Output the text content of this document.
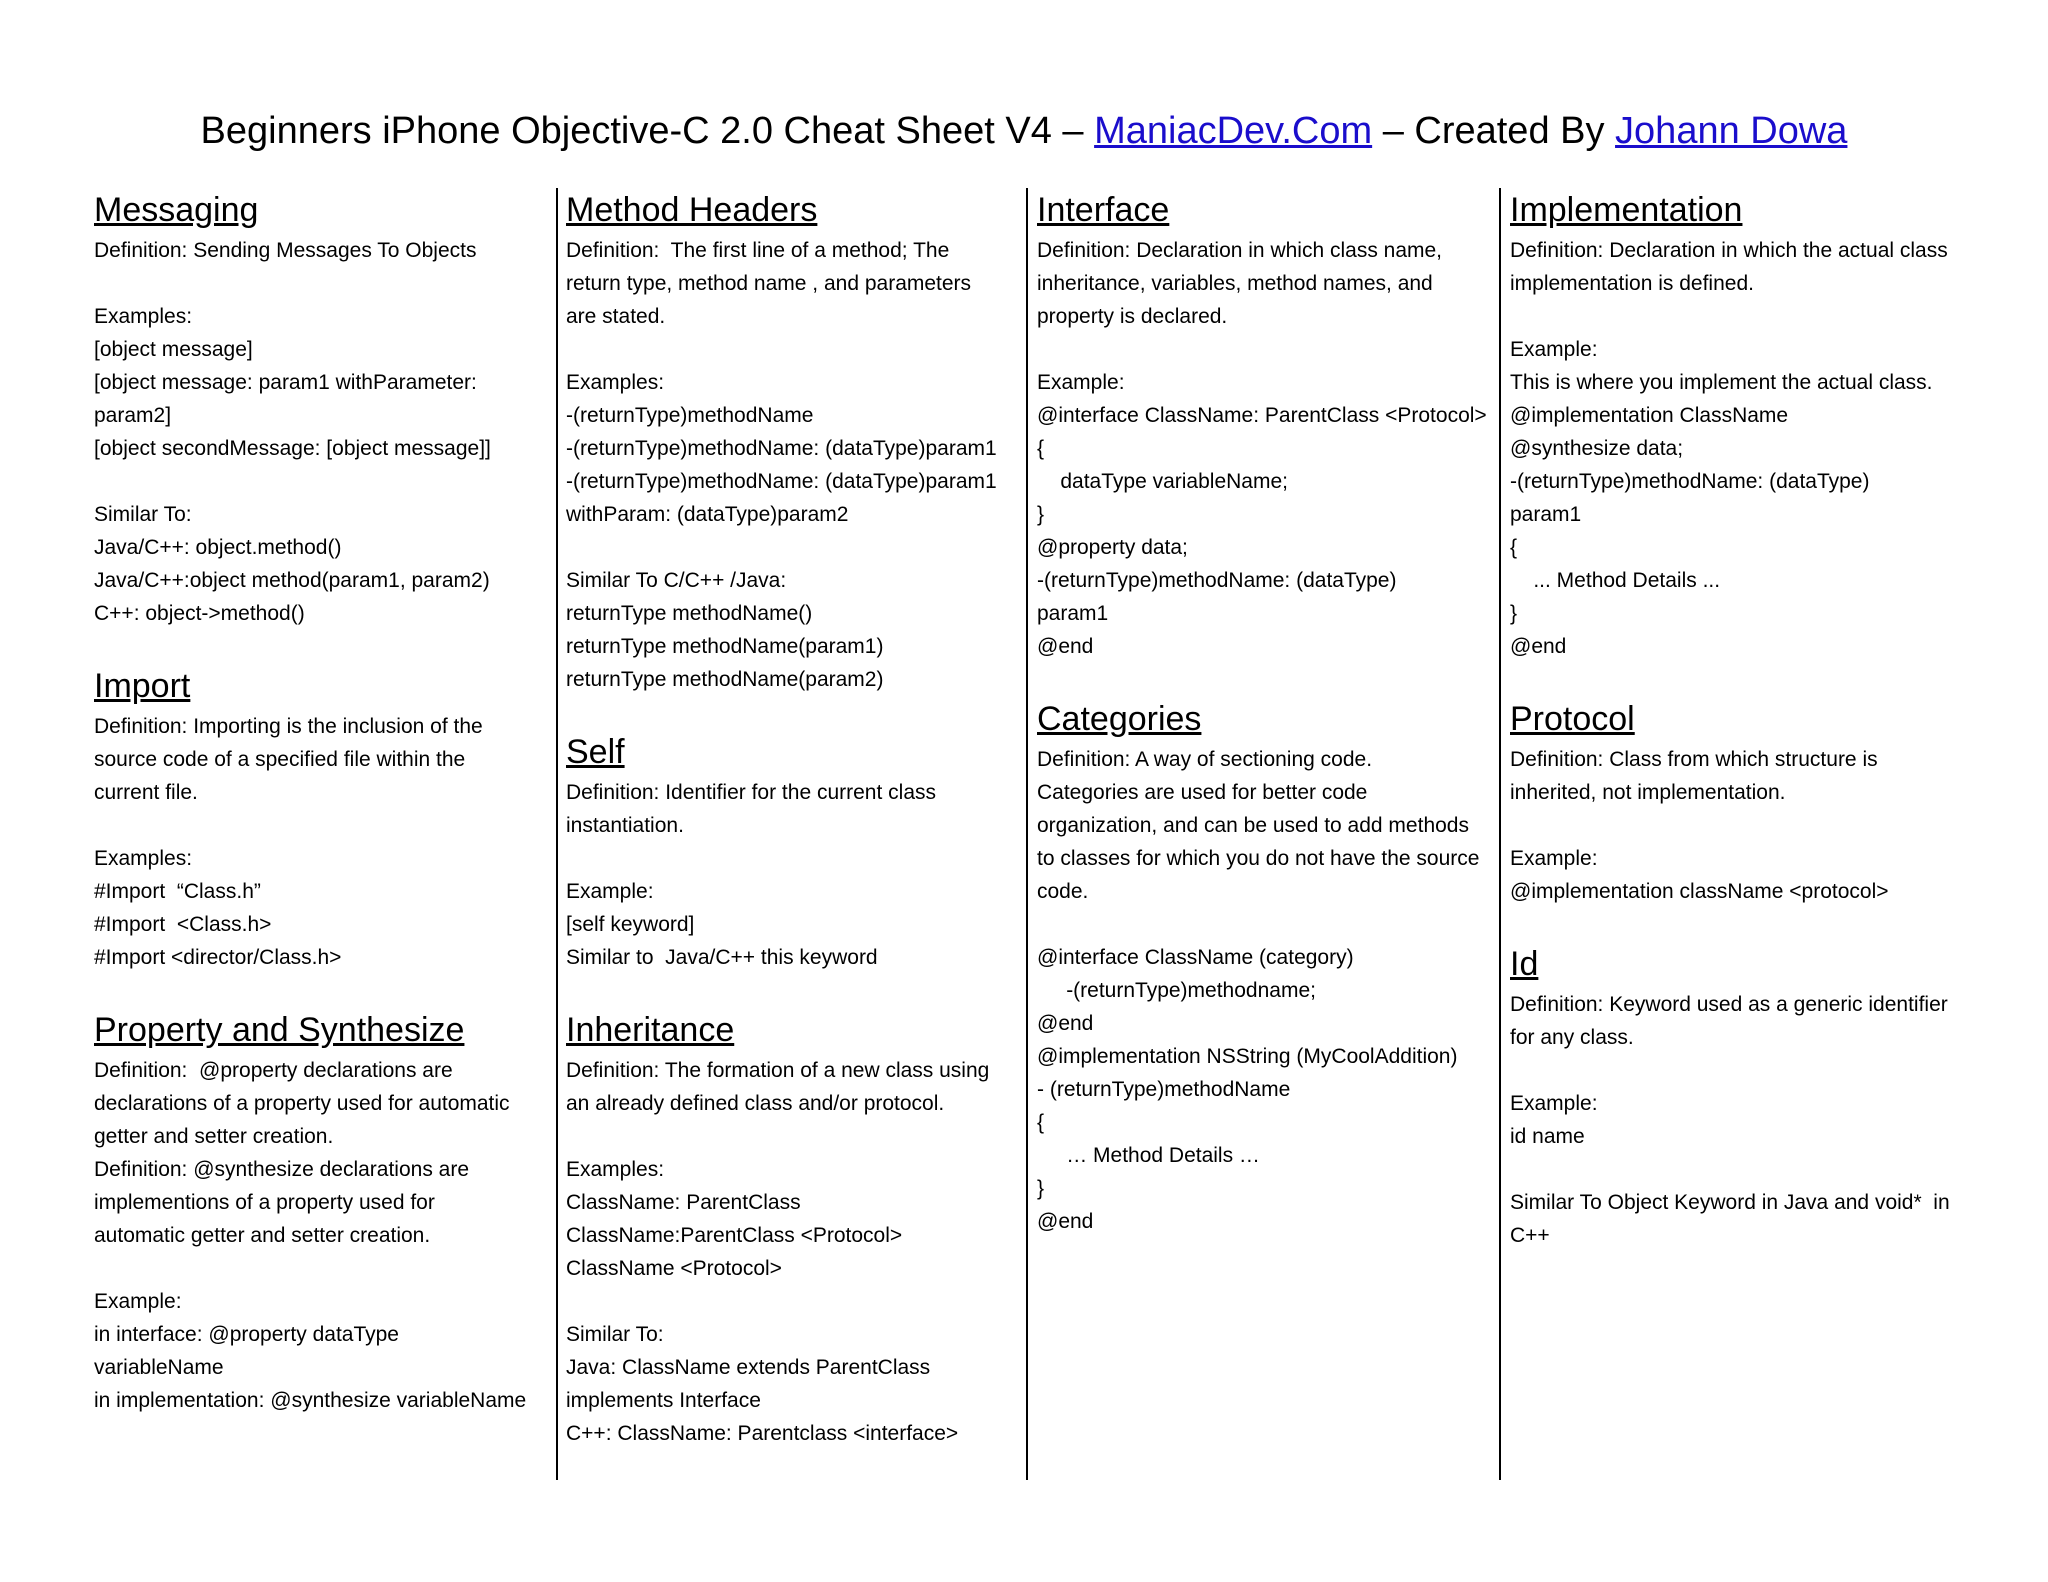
Beginners iPhone Objective-C 2.0 Cheat Sheet V4 – ManiacDev.Com – Created By Johann Dowa
Messaging
Definition: Sending Messages To Objects
Examples:
[object message]
[object message: param1 withParameter:
param2]
[object secondMessage: [object message]]
Similar To:
Java/C++: object.method()
Java/C++:object method(param1, param2)
C++: object->method()
Import
Definition: Importing is the inclusion of the
source code of a specified file within the
current file.
Examples:
#Import  “Class.h”
#Import  <Class.h>
#Import <director/Class.h>
Property and Synthesize
Definition:  @property declarations are
declarations of a property used for automatic
getter and setter creation.
Definition: @synthesize declarations are
implementions of a property used for
automatic getter and setter creation.
Example:
in interface: @property dataType
variableName
in implementation: @synthesize variableName
Method Headers
Definition:  The first line of a method; The
return type, method name , and parameters
are stated.
Examples:
-(returnType)methodName
-(returnType)methodName: (dataType)param1
-(returnType)methodName: (dataType)param1
withParam: (dataType)param2
Similar To C/C++ /Java:
returnType methodName()
returnType methodName(param1)
returnType methodName(param2)
Self
Definition: Identifier for the current class
instantiation.
Example:
[self keyword]
Similar to  Java/C++ this keyword
Inheritance
Definition: The formation of a new class using
an already defined class and/or protocol.
Examples:
ClassName: ParentClass
ClassName:ParentClass <Protocol>
ClassName <Protocol>
Similar To:
Java: ClassName extends ParentClass
implements Interface
C++: ClassName: Parentclass <interface>
Interface
Definition: Declaration in which class name,
inheritance, variables, method names, and
property is declared.
Example:
@interface ClassName: ParentClass <Protocol>
{
dataType variableName;
}
@property data;
-(returnType)methodName: (dataType)
param1
@end
Categories
Definition: A way of sectioning code.
Categories are used for better code
organization, and can be used to add methods
to classes for which you do not have the source
code.
@interface ClassName (category)
-(returnType)methodname;
@end
@implementation NSString (MyCoolAddition)
- (returnType)methodName
{
… Method Details …
}
@end
Implementation
Definition: Declaration in which the actual class
implementation is defined.
Example:
This is where you implement the actual class.
@implementation ClassName
@synthesize data;
-(returnType)methodName: (dataType)
param1
{
... Method Details ...
}
@end
Protocol
Definition: Class from which structure is
inherited, not implementation.
Example:
@implementation className <protocol>
Id
Definition: Keyword used as a generic identifier
for any class.
Example:
id name
Similar To Object Keyword in Java and void*  in
C++
